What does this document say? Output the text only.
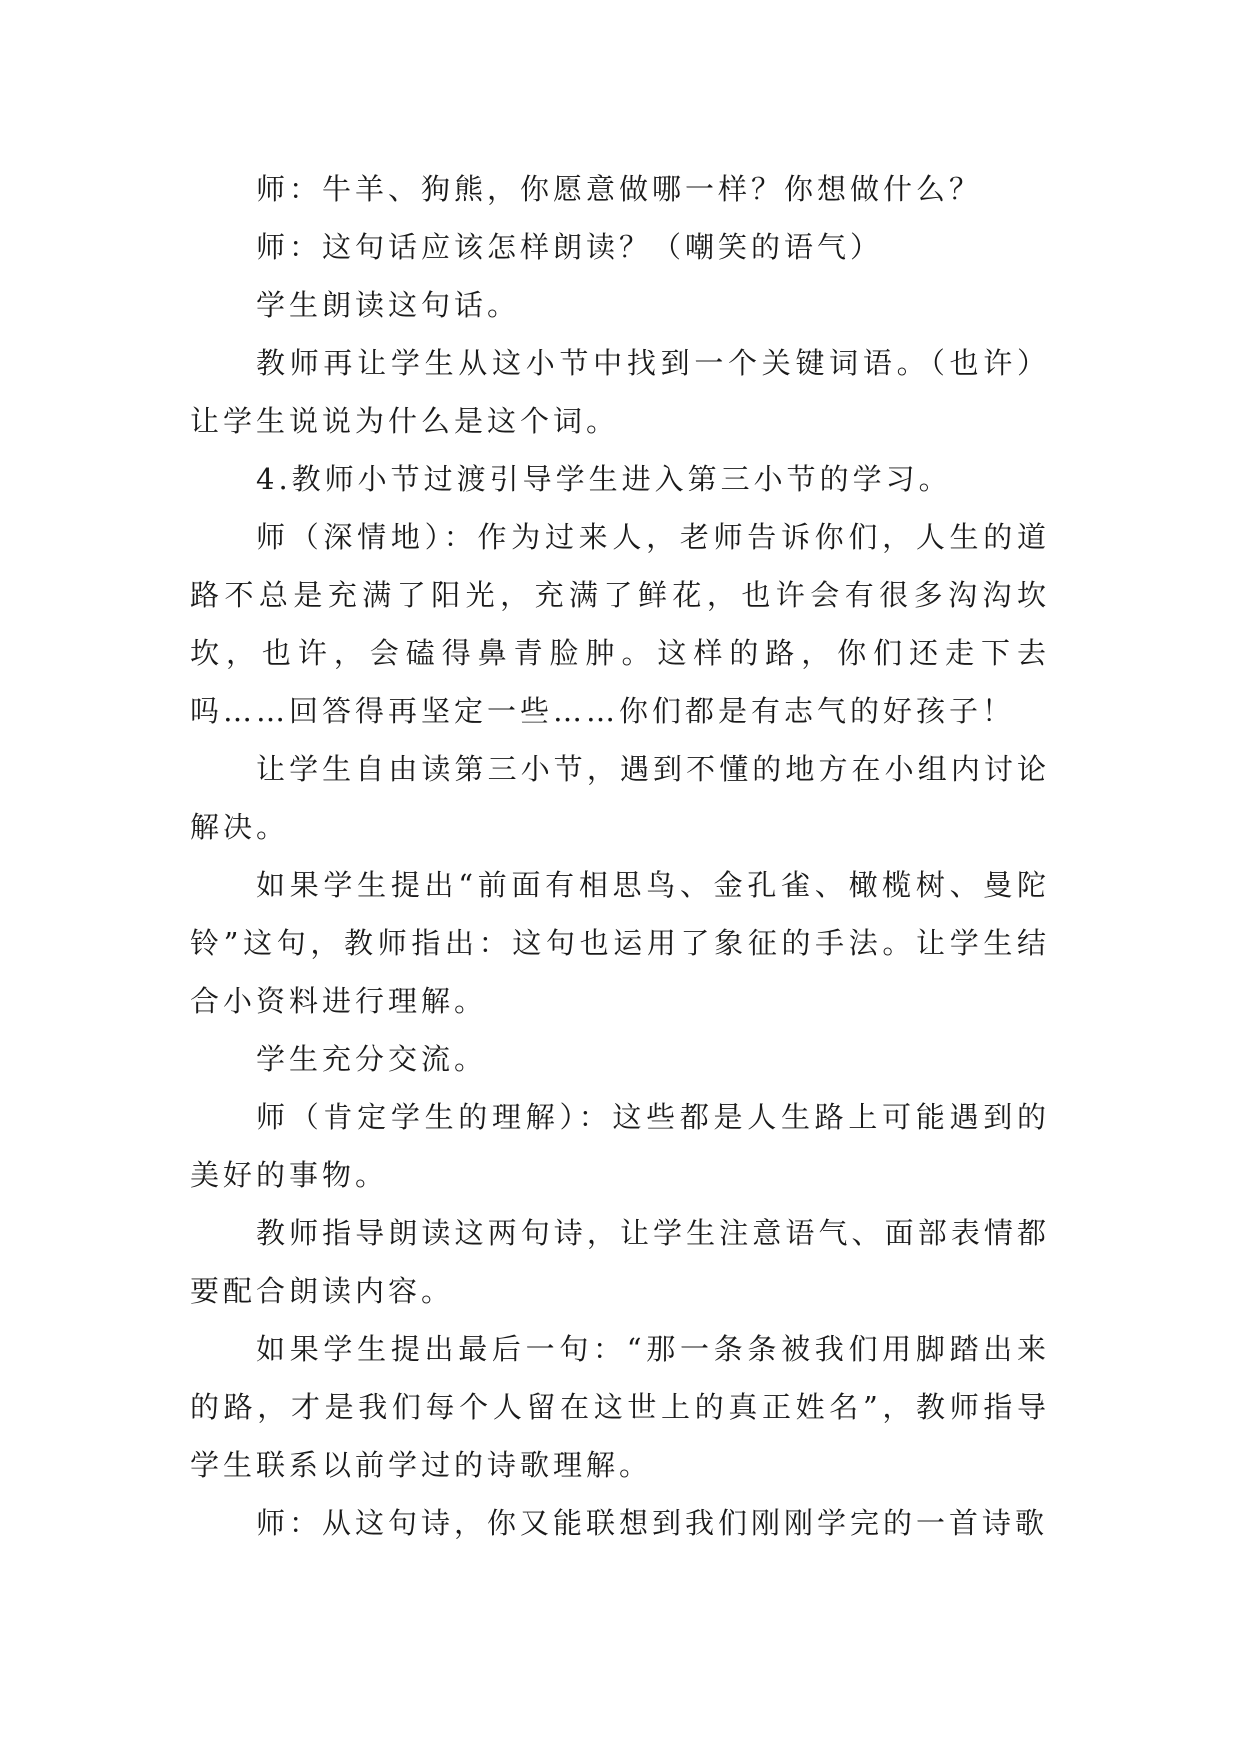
师：牛羊、狗熊，你愿意做哪一样？你想做什么？

师：这句话应该怎样朗读？（嘲笑的语气）

学生朗读这句话。

教师再让学生从这小节中找到一个关键词语。（也许）让学生说说为什么是这个词。

4.教师小节过渡引导学生进入第三小节的学习。

师（深情地）：作为过来人，老师告诉你们，人生的道路不总是充满了阳光，充满了鲜花，也许会有很多沟沟坎坎，也许，会磕得鼻青脸肿。这样的路，你们还走下去吗……回答得再坚定一些……你们都是有志气的好孩子！

让学生自由读第三小节，遇到不懂的地方在小组内讨论解决。

如果学生提出“前面有相思鸟、金孔雀、橄榄树、曼陀铃”这句，教师指出：这句也运用了象征的手法。让学生结合小资料进行理解。

学生充分交流。

师（肯定学生的理解）：这些都是人生路上可能遇到的美好的事物。

教师指导朗读这两句诗，让学生注意语气、面部表情都要配合朗读内容。

如果学生提出最后一句：“那一条条被我们用脚踏出来的路，才是我们每个人留在这世上的真正姓名”，教师指导学生联系以前学过的诗歌理解。

师：从这句诗，你又能联想到我们刚刚学完的一首诗歌
